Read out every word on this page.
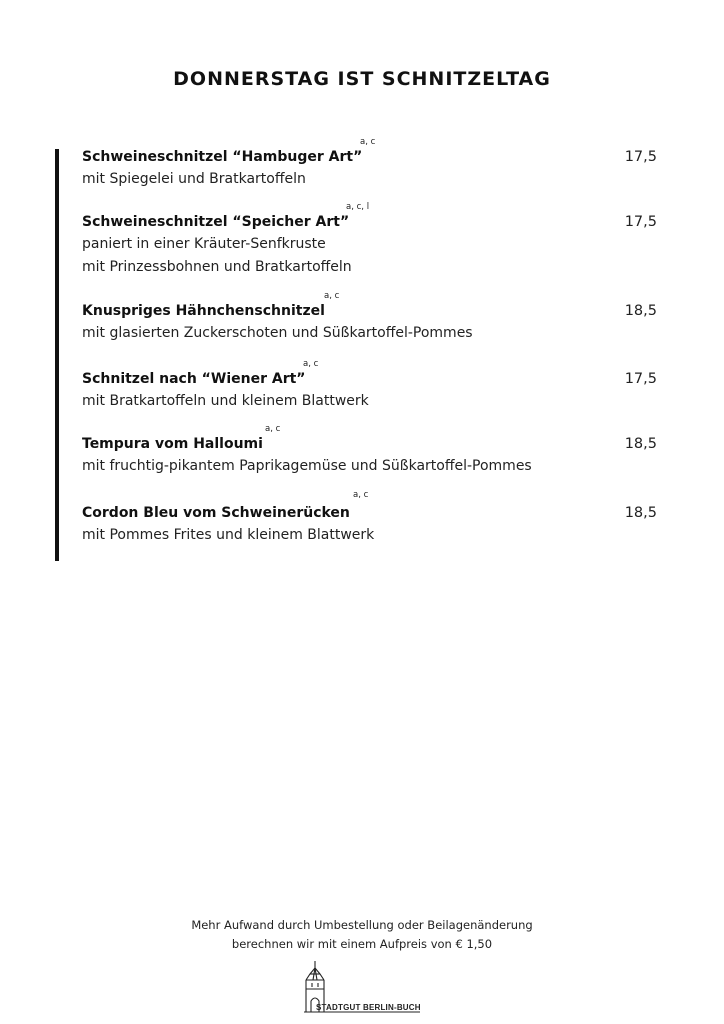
DONNERSTAG IST SCHNITZELTAG
Schweineschnitzel “Hambuger Art”
a, c
mit Spiegelei und Bratkartoffeln
17,5
Schweineschnitzel “Speicher Art”
a, c, l
paniert in einer Kräuter-Senfkruste
mit Prinzessbohnen und Bratkartoffeln
17,5
Knuspriges Hähnchenschnitzel
a, c
mit glasierten Zuckerschoten und Süßkartoffel-Pommes
18,5
Schnitzel nach “Wiener Art”
a, c
mit Bratkartoffeln und kleinem Blattwerk
17,5
Tempura vom Halloumi
a, c
mit fruchtig-pikantem Paprikagemüse und Süßkartoffel-Pommes
18,5
Cordon Bleu vom Schweinerücken
a, c
mit Pommes Frites und kleinem Blattwerk
18,5
Mehr Aufwand durch Umbestellung oder Beilagenänderung
berechnen wir mit einem Aufpreis von € 1,50
STADTGUT BERLIN-BUCH
